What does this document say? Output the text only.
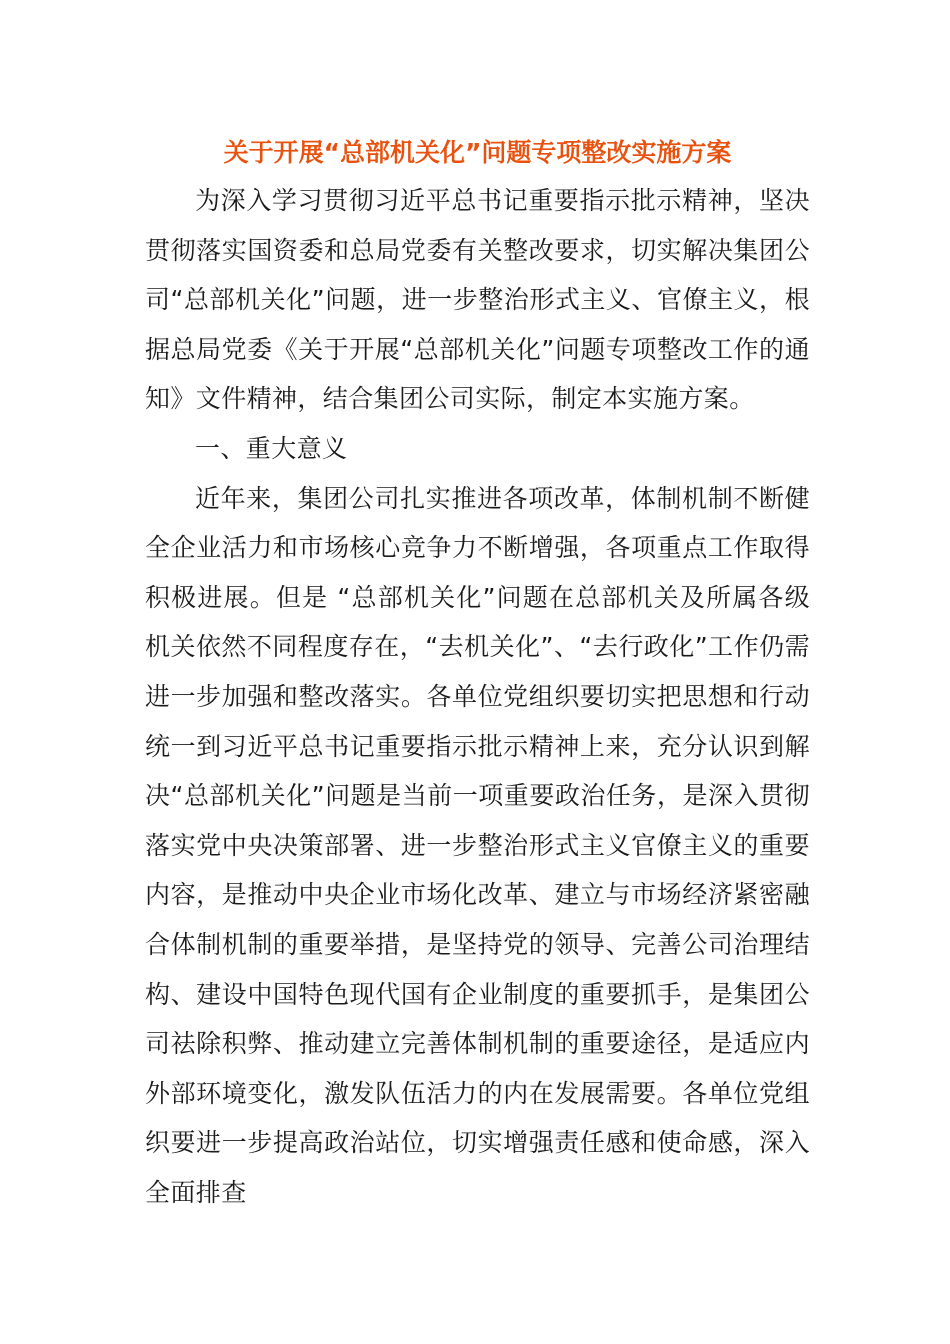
关于开展“总部机关化”问题专项整改实施方案

为深入学习贯彻习近平总书记重要指示批示精神，坚决贯彻落实国资委和总局党委有关整改要求，切实解决集团公司“总部机关化”问题，进一步整治形式主义、官僚主义，根据总局党委《关于开展“总部机关化”问题专项整改工作的通知》文件精神，结合集团公司实际，制定本实施方案。

一、重大意义

近年来，集团公司扎实推进各项改革，体制机制不断健全企业活力和市场核心竞争力不断增强，各项重点工作取得积极进展。但是 “总部机关化”问题在总部机关及所属各级机关依然不同程度存在，“去机关化”、“去行政化”工作仍需进一步加强和整改落实。各单位党组织要切实把思想和行动统一到习近平总书记重要指示批示精神上来，充分认识到解决“总部机关化”问题是当前一项重要政治任务，是深入贯彻落实党中央决策部署、进一步整治形式主义官僚主义的重要内容，是推动中央企业市场化改革、建立与市场经济紧密融合体制机制的重要举措，是坚持党的领导、完善公司治理结构、建设中国特色现代国有企业制度的重要抓手，是集团公司祛除积弊、推动建立完善体制机制的重要途径，是适应内外部环境变化，激发队伍活力的内在发展需要。各单位党组织要进一步提高政治站位，切实增强责任感和使命感，深入全面排查
